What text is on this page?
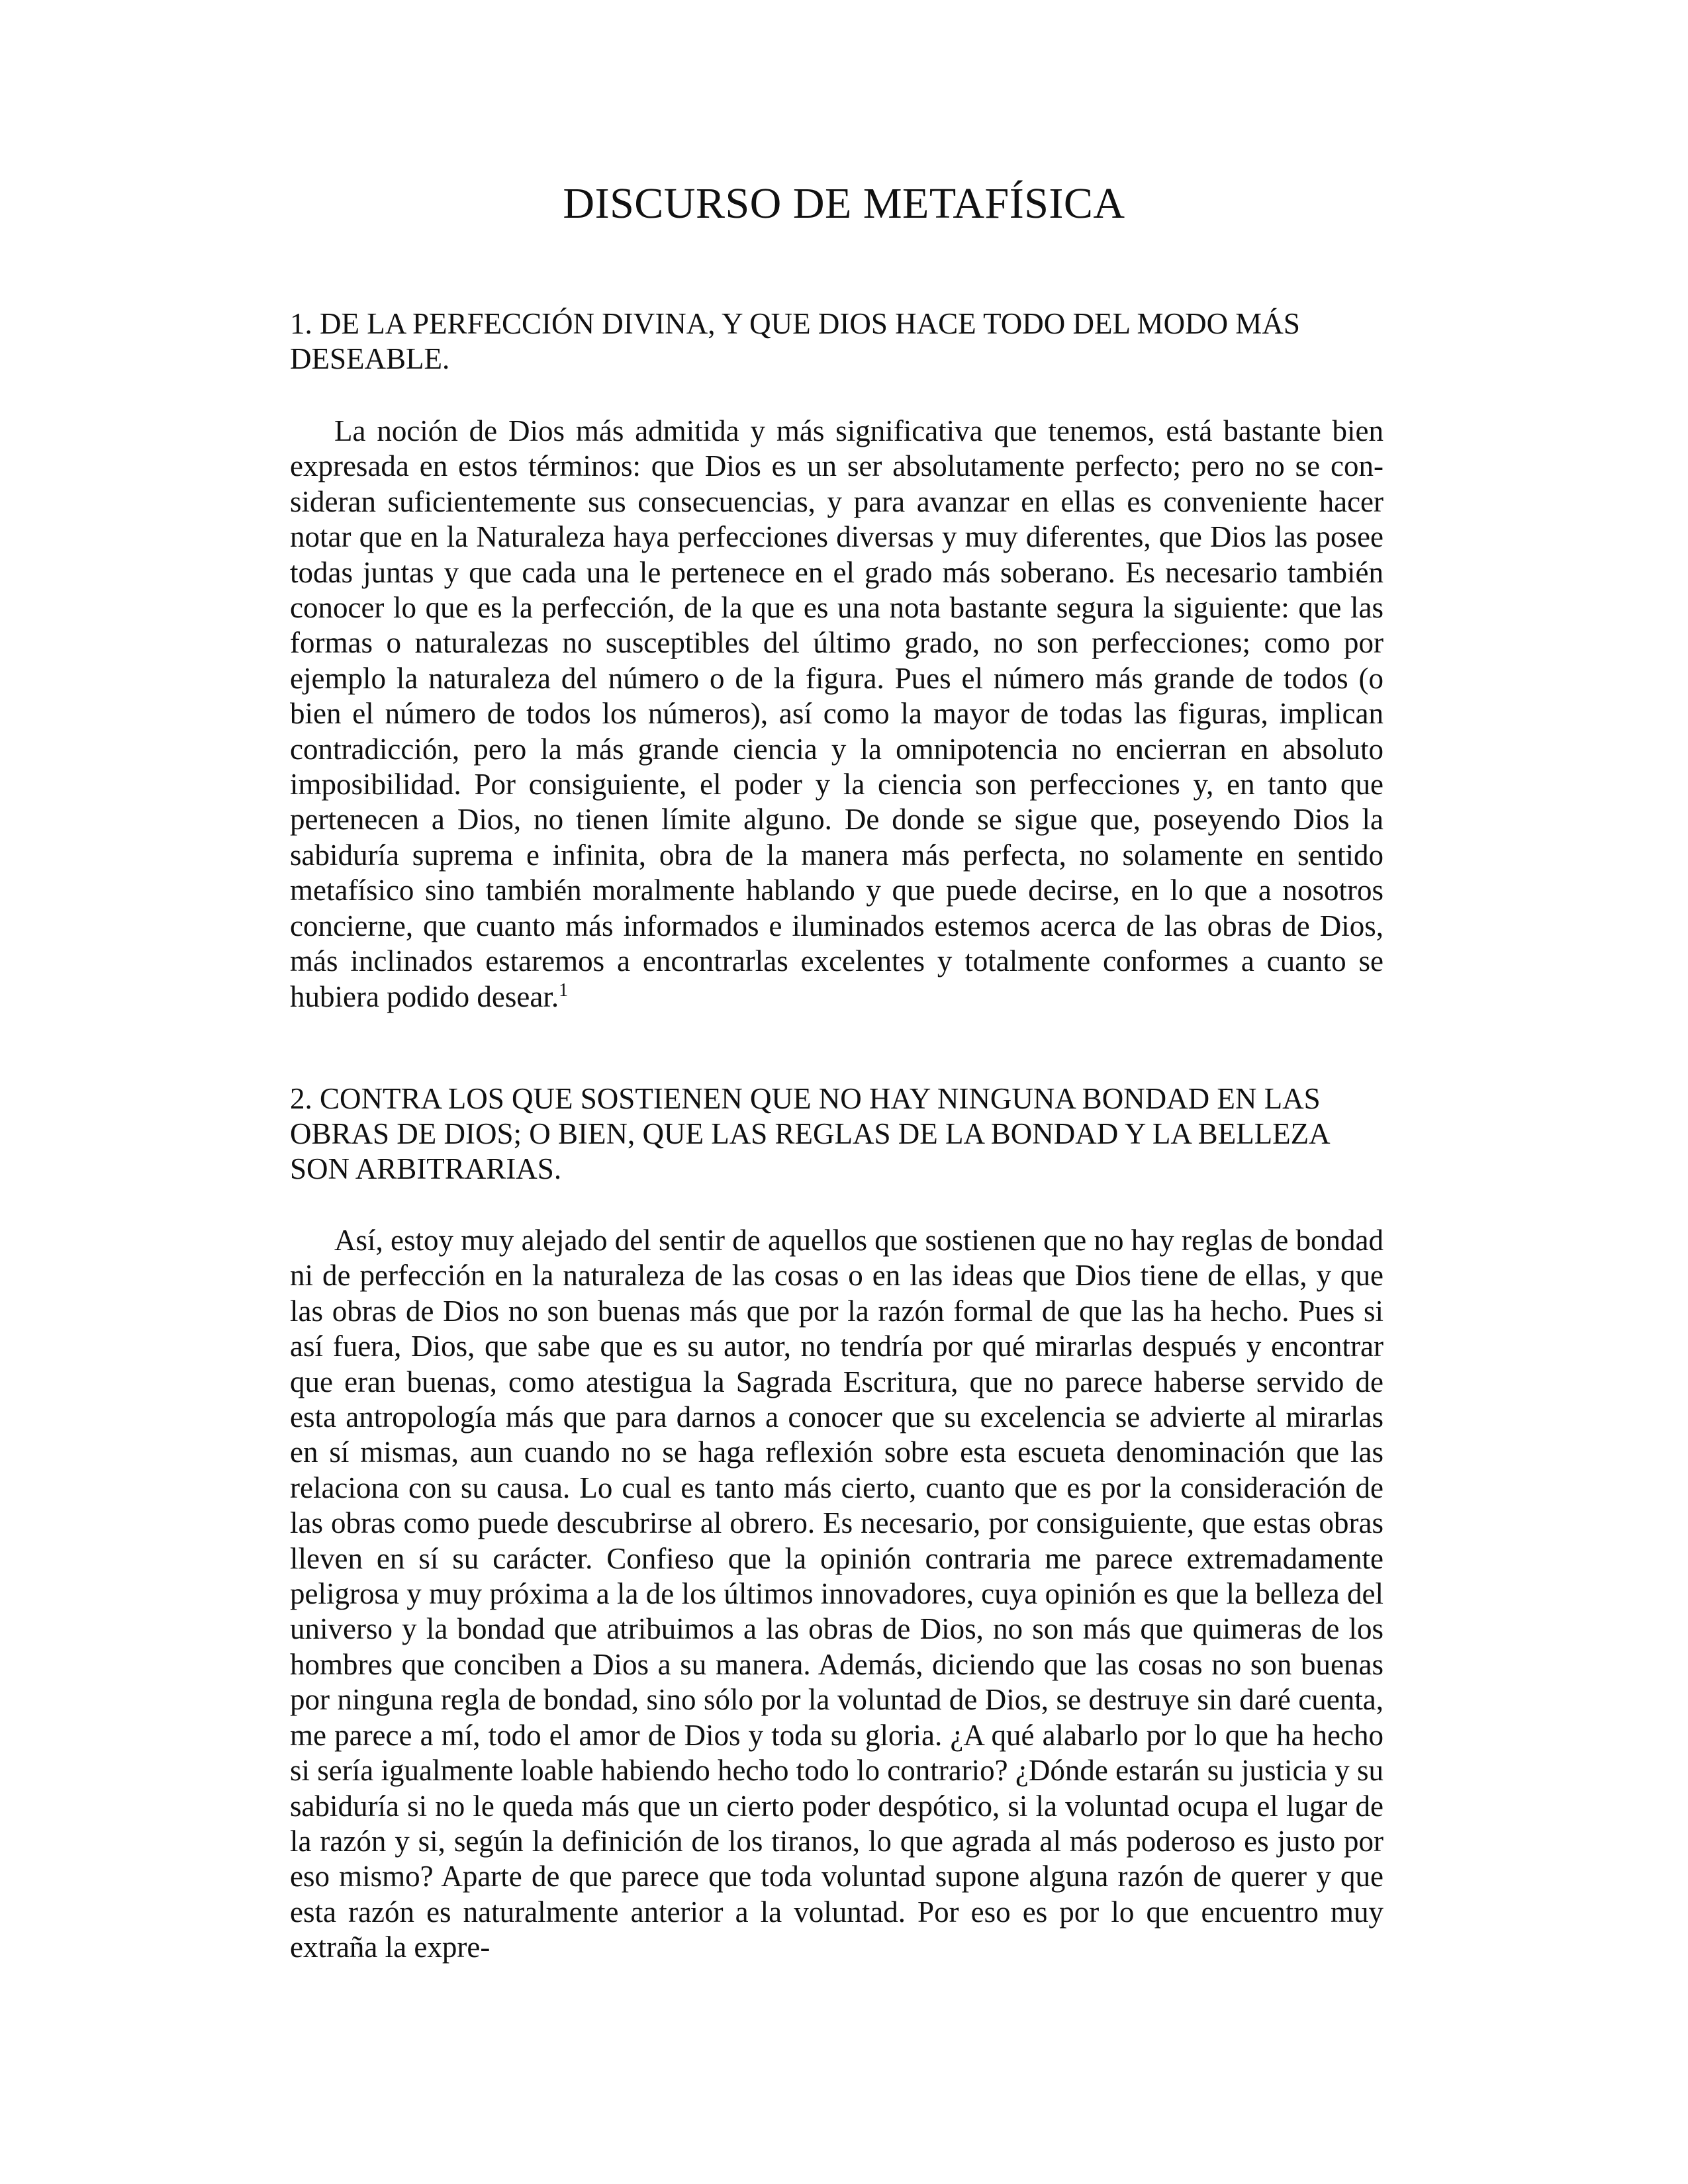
DISCURSO DE METAFÍSICA
1. DE LA PERFECCIÓN DIVINA, Y QUE DIOS HACE TODO DEL MODO MÁS DESEABLE.

La noción de Dios más admitida y más significativa que tenemos, está bastante bien expresada en estos términos: que Dios es un ser absolutamente perfecto; pero no se consideran suficientemente sus consecuencias, y para avanzar en ellas es conveniente hacer notar que en la Naturaleza haya perfecciones diversas y muy diferentes, que Dios las posee todas juntas y que cada una le pertenece en el grado más soberano. Es necesario también conocer lo que es la perfección, de la que es una nota bastante segura la siguiente: que las formas o naturalezas no susceptibles del último grado, no son perfecciones; como por ejemplo la naturaleza del número o de la figura. Pues el número más grande de todos (o bien el número de todos los números), así como la mayor de todas las figuras, implican contradicción, pero la más grande ciencia y la omnipotencia no encierran en absoluto imposibilidad. Por consiguiente, el poder y la ciencia son perfecciones y, en tanto que pertenecen a Dios, no tienen límite alguno. De donde se sigue que, poseyendo Dios la sabiduría suprema e infinita, obra de la manera más perfecta, no solamente en sentido metafísico sino también moralmente hablando y que puede decirse, en lo que a nosotros concierne, que cuanto más informados e iluminados estemos acerca de las obras de Dios, más inclinados estaremos a encontrarlas excelentes y totalmente conformes a cuanto se hubiera podido desear.$^1$

2. CONTRA LOS QUE SOSTIENEN QUE NO HAY NINGUNA BONDAD EN LAS OBRAS DE DIOS; O BIEN, QUE LAS REGLAS DE LA BONDAD Y LA BELLEZA SON ARBITRARIAS.

Así, estoy muy alejado del sentir de aquellos que sostienen que no hay reglas de bondad ni de perfección en la naturaleza de las cosas o en las ideas que Dios tiene de ellas, y que las obras de Dios no son buenas más que por la razón formal de que las ha hecho. Pues si así fuera, Dios, que sabe que es su autor, no tendría por qué mirarlas después y encontrar que eran buenas, como atestigua la Sagrada Escritura, que no parece haberse servido de esta antropología más que para darnos a conocer que su excelencia se advierte al mirarlas en sí mismas, aun cuando no se haga reflexión sobre esta escueta denominación que las relaciona con su causa. Lo cual es tanto más cierto, cuanto que es por la consideración de las obras como puede descubrirse al obrero. Es necesario, por consiguiente, que estas obras lleven en sí su carácter. Confieso que la opinión contraria me parece extremadamente peligrosa y muy próxima a la de los últimos innovadores, cuya opinión es que la belleza del universo y la bondad que atribuimos a las obras de Dios, no son más que quimeras de los hombres que conciben a Dios a su manera. Además, diciendo que las cosas no son buenas por ninguna regla de bondad, sino sólo por la voluntad de Dios, se destruye sin daré cuenta, me parece a mí, todo el amor de Dios y toda su gloria. ¿A qué alabarlo por lo que ha hecho si sería igualmente loable habiendo hecho todo lo contrario? ¿Dónde estarán su justicia y su sabiduría si no le queda más que un cierto poder despótico, si la voluntad ocupa el lugar de la razón y si, según la definición de los tiranos, lo que agrada al más poderoso es justo por eso mismo? Aparte de que parece que toda voluntad supone alguna razón de querer y que esta razón es naturalmente anterior a la voluntad. Por eso es por lo que encuentro muy extraña la expre-
